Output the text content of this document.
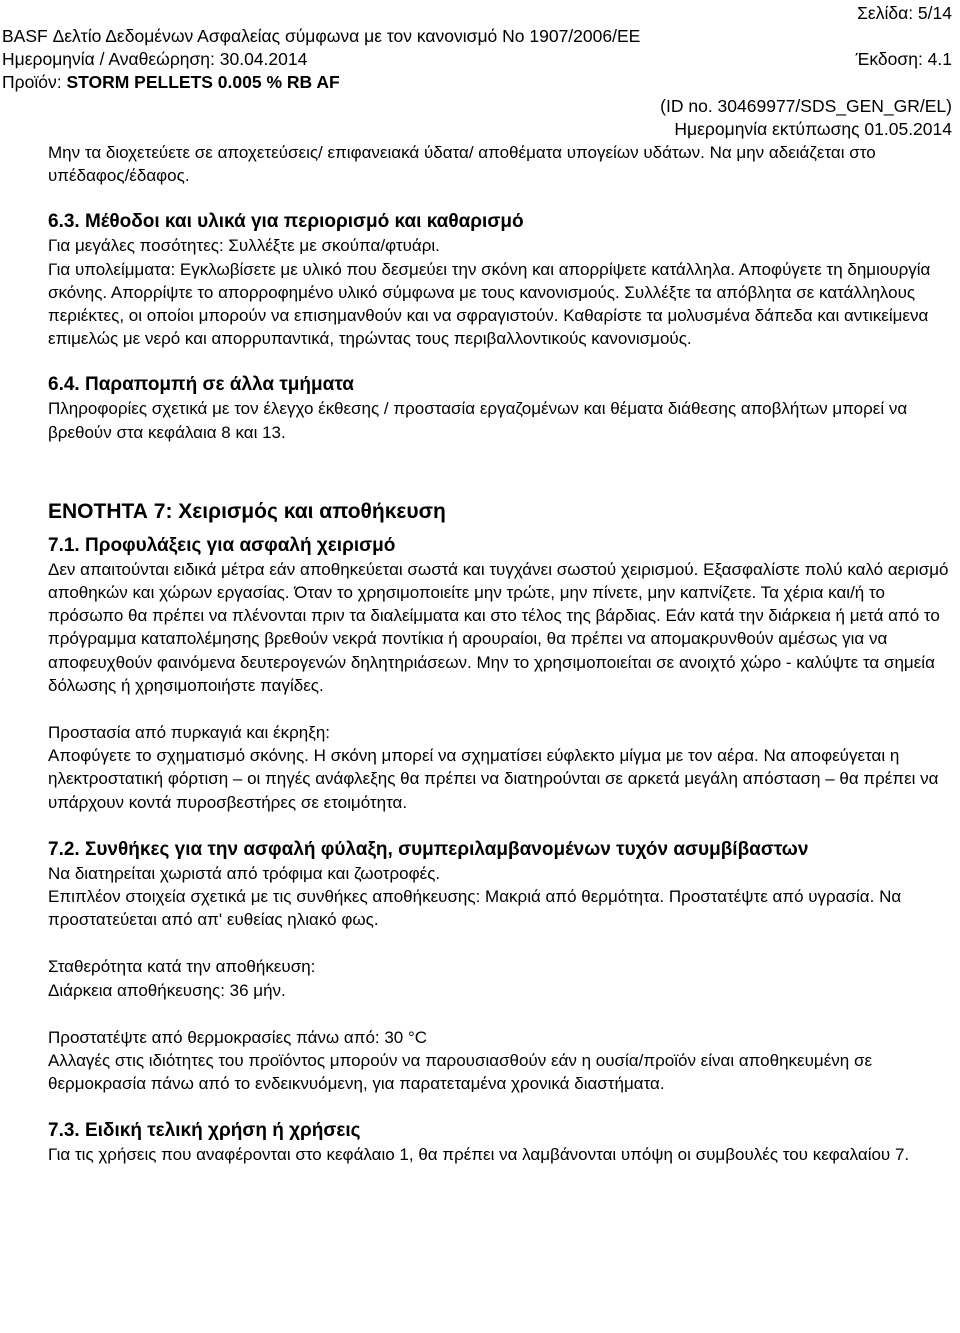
Σελίδα: 5/14
BASF Δελτίο Δεδομένων Ασφαλείας σύμφωνα με τον κανονισμό Νο 1907/2006/ΕΕ
Ημερομηνία / Αναθεώρηση: 30.04.2014	Έκδοση: 4.1
Προϊόν: STORM PELLETS 0.005 % RB AF
(ID no. 30469977/SDS_GEN_GR/EL)
Ημερομηνία εκτύπωσης 01.05.2014

Μην τα διοχετεύετε σε αποχετεύσεις/ επιφανειακά ύδατα/ αποθέματα υπογείων υδάτων. Να μην αδειάζεται στο υπέδαφος/έδαφος.

6.3. Μέθοδοι και υλικά για περιορισμό και καθαρισμό

Για μεγάλες ποσότητες: Συλλέξτε με σκούπα/φτυάρι.

Για υπολείμματα: Εγκλωβίσετε με υλικό που δεσμεύει την σκόνη και απορρίψετε κατάλληλα. Αποφύγετε τη δημιουργία σκόνης. Απορρίψτε το απορροφημένο υλικό σύμφωνα με τους κανονισμούς. Συλλέξτε τα απόβλητα σε κατάλληλους περιέκτες, οι οποίοι μπορούν να επισημανθούν και να σφραγιστούν. Καθαρίστε τα μολυσμένα δάπεδα και αντικείμενα επιμελώς με νερό και απορρυπαντικά, τηρώντας τους περιβαλλοντικούς κανονισμούς.

6.4. Παραπομπή σε άλλα τμήματα

Πληροφορίες σχετικά με τον έλεγχο έκθεσης / προστασία εργαζομένων και θέματα διάθεσης αποβλήτων μπορεί να βρεθούν στα κεφάλαια 8 και 13.

ΕΝΟΤΗΤΑ 7: Χειρισμός και αποθήκευση

7.1. Προφυλάξεις για ασφαλή χειρισμό

Δεν απαιτούνται ειδικά μέτρα εάν αποθηκεύεται σωστά και τυγχάνει σωστού χειρισμού. Εξασφαλίστε πολύ καλό αερισμό αποθηκών και χώρων εργασίας. Όταν το χρησιμοποιείτε μην τρώτε, μην πίνετε, μην καπνίζετε. Τα χέρια και/ή το πρόσωπο θα πρέπει να πλένονται πριν τα διαλείμματα και στο τέλος της βάρδιας. Εάν κατά την διάρκεια ή μετά από το πρόγραμμα καταπολέμησης βρεθούν νεκρά ποντίκια ή αρουραίοι, θα πρέπει να απομακρυνθούν αμέσως για να αποφευχθούν φαινόμενα δευτερογενών δηλητηριάσεων. Μην το χρησιμοποιείται σε ανοιχτό χώρο - καλύψτε τα σημεία δόλωσης ή χρησιμοποιήστε παγίδες.

Προστασία από πυρκαγιά και έκρηξη:

Αποφύγετε το σχηματισμό σκόνης. Η σκόνη μπορεί να σχηματίσει εύφλεκτο μίγμα με τον αέρα. Να αποφεύγεται η ηλεκτροστατική φόρτιση – οι πηγές ανάφλεξης θα πρέπει να διατηρούνται σε αρκετά μεγάλη απόσταση – θα πρέπει να υπάρχουν κοντά πυροσβεστήρες σε ετοιμότητα.

7.2. Συνθήκες για την ασφαλή φύλαξη, συμπεριλαμβανομένων τυχόν ασυμβίβαστων

Να διατηρείται χωριστά από τρόφιμα και ζωοτροφές.

Επιπλέον στοιχεία σχετικά με τις συνθήκες αποθήκευσης: Μακριά από θερμότητα. Προστατέψτε από υγρασία. Να προστατεύεται από απ' ευθείας ηλιακό φως.

Σταθερότητα κατά την αποθήκευση:

Διάρκεια αποθήκευσης: 36 μήν.

Προστατέψτε από θερμοκρασίες πάνω από: 30 °C

Αλλαγές στις ιδιότητες του προϊόντος μπορούν να παρουσιασθούν εάν η ουσία/προϊόν είναι αποθηκευμένη σε θερμοκρασία πάνω από το ενδεικνυόμενη, για παρατεταμένα χρονικά διαστήματα.

7.3. Ειδική τελική χρήση ή χρήσεις

Για τις χρήσεις που αναφέρονται στο κεφάλαιο 1, θα πρέπει να λαμβάνονται υπόψη οι συμβουλές του κεφαλαίου 7.
